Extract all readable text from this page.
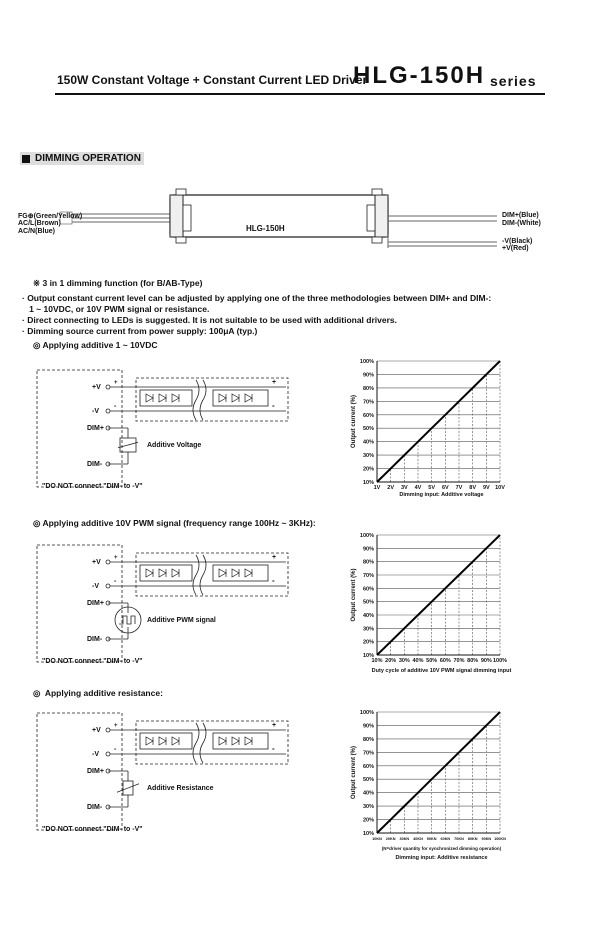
150W Constant Voltage + Constant Current LED Driver
HLG-150H series
DIMMING OPERATION
HLG-150H
FG⊕(Green/Yellow)
AC/L(Brown)
AC/N(Blue)
DIM+(Blue)
DIM-(White)
-V(Black)
+V(Red)
※ 3 in 1 dimming function (for B/AB-Type)
· Output constant current level can be adjusted by applying one of the three methodologies between DIM+ and DIM-:
1 ~ 10VDC, or 10V PWM signal or resistance.
· Direct connecting to LEDs is suggested. It is not suitable to be used with additional drivers.
· Dimming source current from power supply: 100μA (typ.)
◎ Applying additive 1 ~ 10VDC
◎ Applying additive 10V PWM signal (frequency range 100Hz ~ 3KHz):
◎  Applying additive resistance:
+V
-V
DIM+
DIM-
+
-
+
-
Additive Voltage
"DO NOT connect "DIM- to -V"
+V
-V
DIM+
DIM-
+
-
+
-
Additive PWM signal
"DO NOT connect "DIM- to -V"
+V
-V
DIM+
DIM-
+
-
+
-
Additive Resistance
"DO NOT connect "DIM- to -V"
10%
20%
30%
40%
50%
60%
70%
80%
90%
100%
1V 2V 3V 4V 5V 6V 7V 8V 9V 10V
Output current (%)
Dimming input: Additive voltage
10%
20%
30%
40%
50%
60%
70%
80%
90%
100%
10% 20% 30% 40% 50% 60% 70% 80% 90% 100%
Output current (%)
Duty cycle of additive 10V PWM signal dimming input
10%
20%
30%
40%
50%
60%
70%
80%
90%
100%
10KN 20KN 30KN 40KN 50KN 60KN 70KN 80KN 90KN 100KN
Output current (%)
(N=driver quantity for synchronized dimming operation)
Dimming input: Additive resistance
